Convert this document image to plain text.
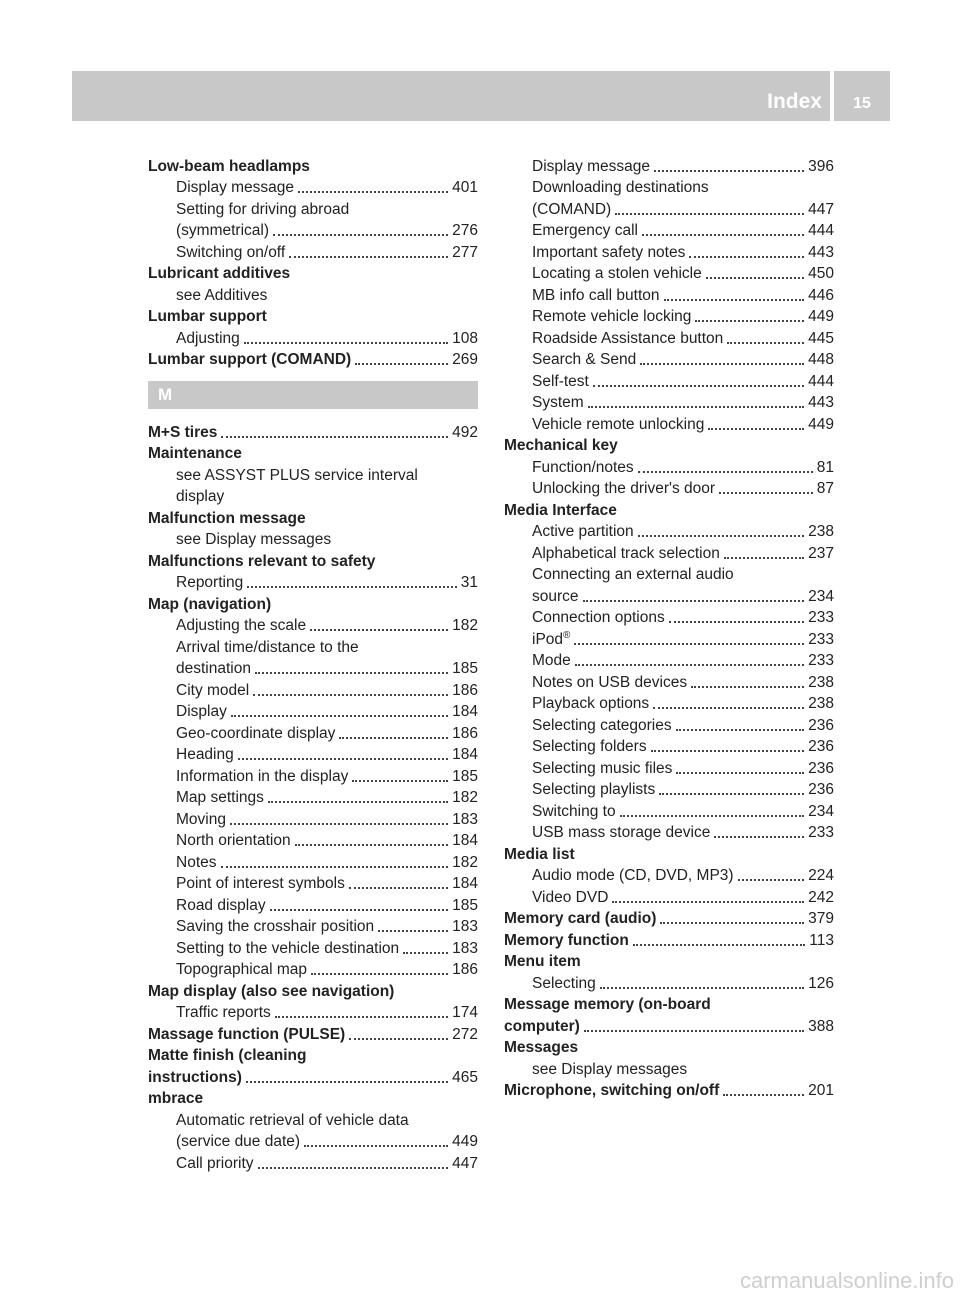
Index	15
Low-beam headlamps
Display message	401
Setting for driving abroad
(symmetrical)	276
Switching on/off	277
Lubricant additives
see Additives
Lumbar support
Adjusting	108
Lumbar support (COMAND)	269
M
M+S tires	492
Maintenance
see ASSYST PLUS service interval
display
Malfunction message
see Display messages
Malfunctions relevant to safety
Reporting	31
Map (navigation)
Adjusting the scale	182
Arrival time/distance to the
destination	185
City model	186
Display	184
Geo-coordinate display	186
Heading	184
Information in the display	185
Map settings	182
Moving	183
North orientation	184
Notes	182
Point of interest symbols	184
Road display	185
Saving the crosshair position	183
Setting to the vehicle destination	183
Topographical map	186
Map display (also see navigation)
Traffic reports	174
Massage function (PULSE)	272
Matte finish (cleaning
instructions)	465
mbrace
Automatic retrieval of vehicle data
(service due date)	449
Call priority	447
Display message	396
Downloading destinations
(COMAND)	447
Emergency call	444
Important safety notes	443
Locating a stolen vehicle	450
MB info call button	446
Remote vehicle locking	449
Roadside Assistance button	445
Search & Send	448
Self-test	444
System	443
Vehicle remote unlocking	449
Mechanical key
Function/notes	81
Unlocking the driver's door	87
Media Interface
Active partition	238
Alphabetical track selection	237
Connecting an external audio
source	234
Connection options	233
iPod®	233
Mode	233
Notes on USB devices	238
Playback options	238
Selecting categories	236
Selecting folders	236
Selecting music files	236
Selecting playlists	236
Switching to	234
USB mass storage device	233
Media list
Audio mode (CD, DVD, MP3)	224
Video DVD	242
Memory card (audio)	379
Memory function	113
Menu item
Selecting	126
Message memory (on-board
computer)	388
Messages
see Display messages
Microphone, switching on/off	201
carmanualsonline.info
